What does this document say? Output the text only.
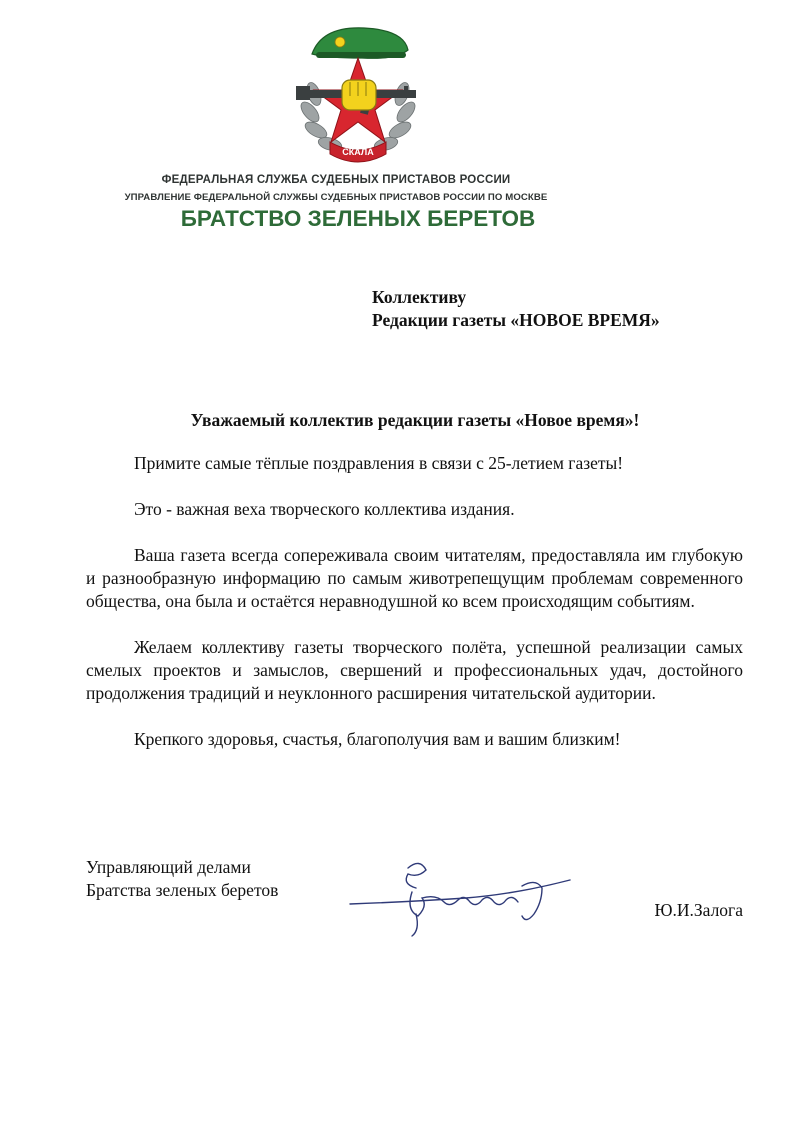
СКАЛА
ФЕДЕРАЛЬНАЯ СЛУЖБА СУДЕБНЫХ ПРИСТАВОВ РОССИИ
УПРАВЛЕНИЕ ФЕДЕРАЛЬНОЙ СЛУЖБЫ СУДЕБНЫХ ПРИСТАВОВ РОССИИ ПО МОСКВЕ
БРАТСТВО ЗЕЛЕНЫХ БЕРЕТОВ
Коллективу
Редакции газеты «НОВОЕ ВРЕМЯ»
Уважаемый коллектив редакции газеты «Новое время»!

Примите самые тёплые поздравления в связи с 25-летием газеты!

Это - важная веха творческого коллектива издания.

Ваша газета всегда сопереживала своим читателям, предоставляла им глубокую и разнообразную информацию по самым животрепещущим проблемам современного общества, она была и остаётся неравнодушной ко всем происходящим событиям.

Желаем коллективу газеты творческого полёта, успешной реализации самых смелых проектов и замыслов, свершений и профессиональных удач, достойного продолжения традиций и неуклонного расширения читательской аудитории.

Крепкого здоровья, счастья, благополучия вам и вашим близким!

Управляющий делами
Братства зеленых беретов
Ю.И.Залога
